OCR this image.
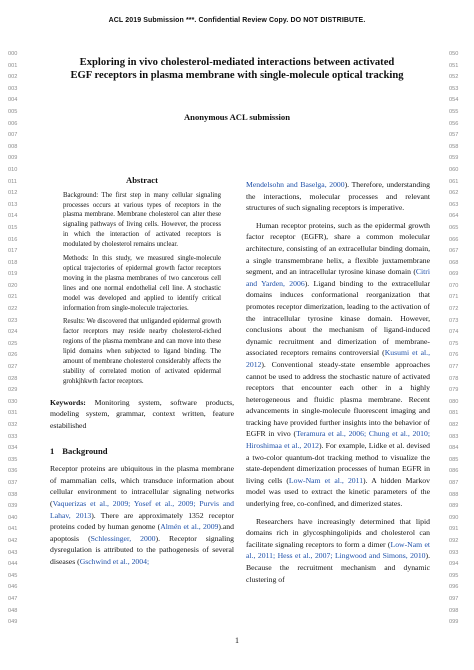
ACL 2019 Submission ***. Confidential Review Copy. DO NOT DISTRIBUTE.
000
001
002
003
004
005
006
007
008
009
010
011
012
013
014
015
016
017
018
019
020
021
022
023
024
025
026
027
028
029
030
031
032
033
034
035
036
037
038
039
040
041
042
043
044
045
046
047
048
049
050
051
052
053
054
055
056
057
058
059
060
061
062
063
064
065
066
067
068
069
070
071
072
073
074
075
076
077
078
079
080
081
082
083
084
085
086
087
088
089
090
091
092
093
094
095
096
097
098
099
Exploring in vivo cholesterol-mediated interactions between activated
EGF receptors in plasma membrane with single-molecule optical tracking
Anonymous ACL submission
Abstract

Background: The first step in many cellular signaling processes occurs at various types of receptors in the plasma membrane. Membrane cholesterol can alter these signaling pathways of living cells. However, the process in which the interaction of activated receptors is modulated by cholesterol remains unclear.

Methods: In this study, we measured single-molecule optical trajectories of epidermal growth factor receptors moving in the plasma membranes of two cancerous cell lines and one normal endothelial cell line. A stochastic model was developed and applied to identify critical information from single-molecule trajectories.

Results: We discovered that unliganded epidermal growth factor receptors may reside nearby cholesterol-riched regions of the plasma membrane and can move into these lipid domains when subjected to ligand binding. The amount of membrane cholesterol considerably affects the stability of correlated motion of activated epidermal grohkjhkwth factor receptors.

Keywords: Monitoring system, software products, modeling system, grammar, context written, feature estabilished
1 Background

Receptor proteins are ubiquitous in the plasma membrane of mammalian cells, which transduce information about cellular environment to intracellular signaling networks (Vaquerizas et al., 2009; Yosef et al., 2009; Purvis and Lahav, 2013). There are approximately 1352 receptor proteins coded by human genome (Almén et al., 2009).and apoptosis (Schlessinger, 2000). Receptor signaling dysregulation is attributed to the pathogenesis of several diseases (Gschwind et al., 2004;

Mendelsohn and Baselga, 2000). Therefore, understanding the interactions, molecular processes and relevant structures of such signaling receptors is imperative.

Human receptor proteins, such as the epidermal growth factor receptor (EGFR), share a common molecular architecture, consisting of an extracellular binding domain, a single transmembrane helix, a flexible juxtamembrane segment, and an intracellular tyrosine kinase domain (Citri and Yarden, 2006). Ligand binding to the extracellular domains induces conformational reorganization that promotes receptor dimerization, leading to the activation of the intracellular tyrosine kinase domain. However, conclusions about the mechanism of ligand-induced dynamic recruitment and dimerization of membrane-associated receptors remains controversial (Kusumi et al., 2012). Conventional steady-state ensemble approaches cannot be used to address the stochastic nature of activated receptors that encounter each other in a highly heterogeneous and fluidic plasma membrane. Recent advancements in single-molecule fluorescent imaging and tracking have provided further insights into the behavior of EGFR in vivo (Teramura et al., 2006; Chung et al., 2010; Hiroshimaa et al., 2012). For example, Lidke et al. devised a two-color quantum-dot tracking method to visualize the state-dependent dimerization processes of human EGFR in living cells (Low-Nam et al., 2011). A hidden Markov model was used to extract the kinetic parameters of the underlying free, co-confined, and dimerized states.

Researchers have increasingly determined that lipid domains rich in glycosphingolipids and cholesterol can facilitate signaling receptors to form a dimer (Low-Nam et al., 2011; Hess et al., 2007; Lingwood and Simons, 2010). Because the recruitment mechanism and dynamic clustering of

1
